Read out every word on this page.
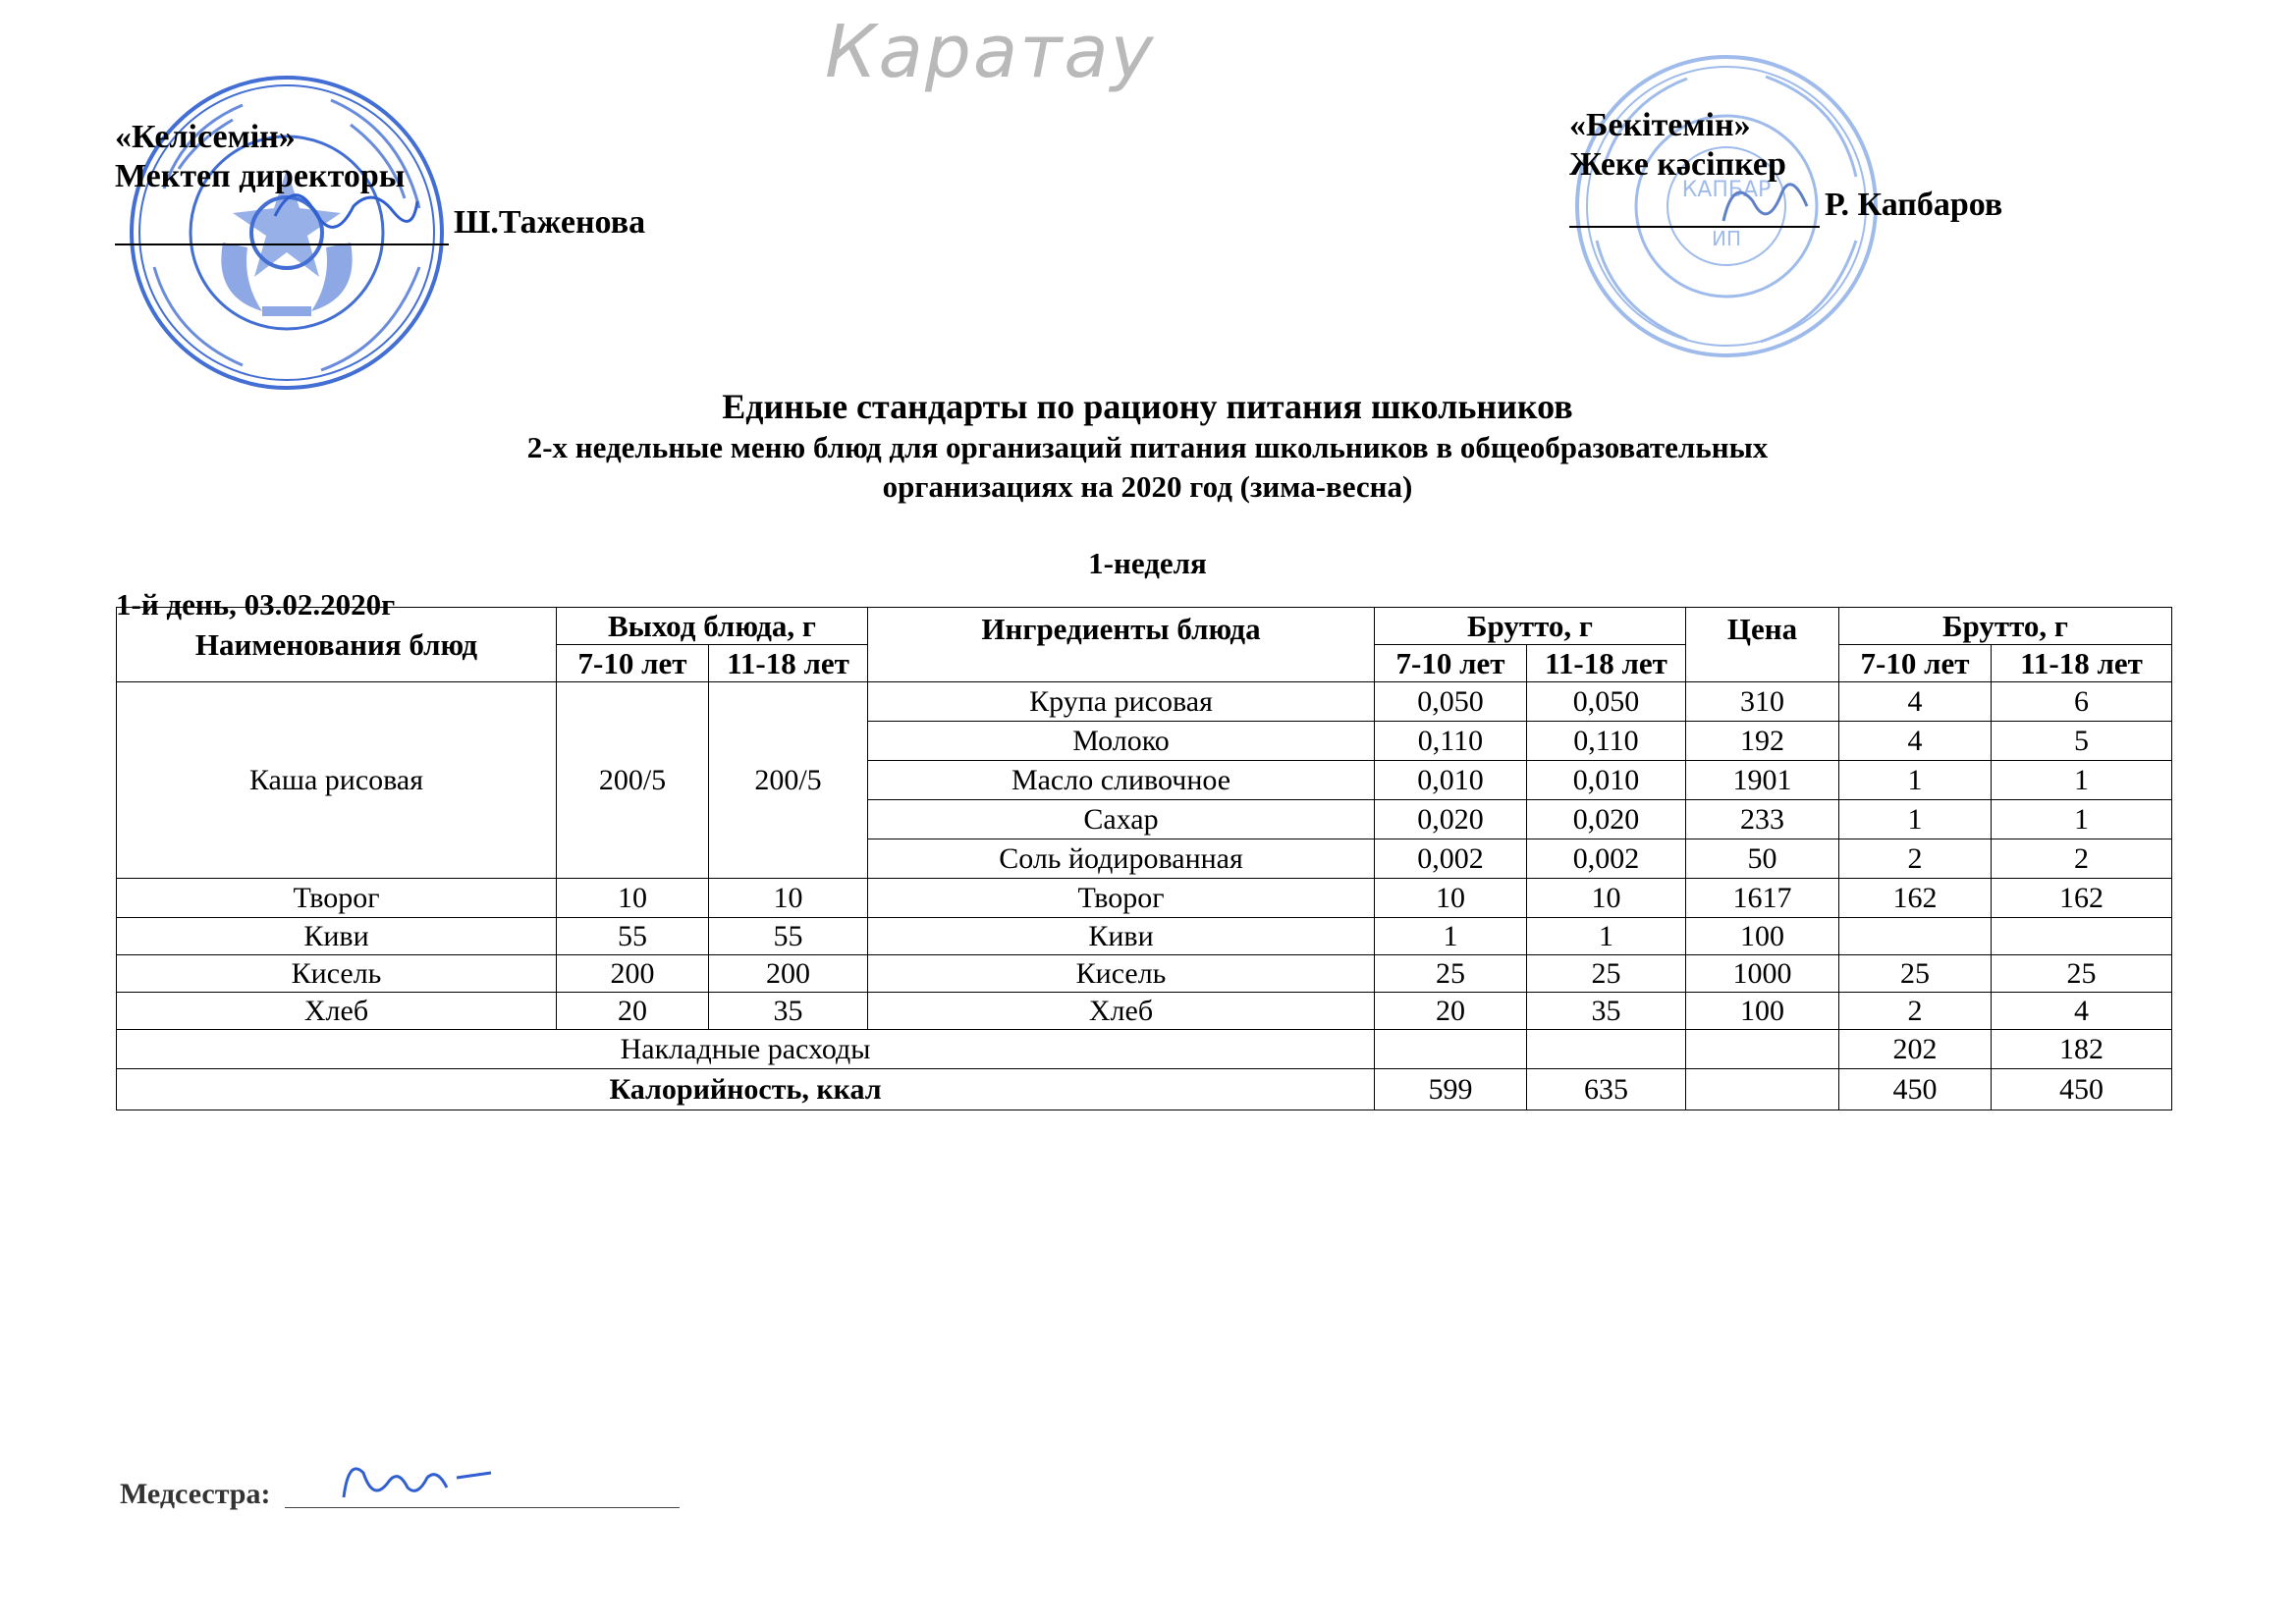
Каратау
КАПБАР
ИП
«Келісемін»
Мектеп директоры
Ш.Таженова
«Бекітемін»
Жеке кәсіпкер
Р. Капбаров
Единые стандарты по рациону питания школьников
2-х недельные меню блюд для организаций питания школьников в общеобразовательных
организациях на 2020 год (зима-весна)
1-неделя
1-й день, 03.02.2020г
Наименования блюд	Выход блюда, г		Ингредиенты блюда	Брутто, г		Цена	Брутто, г	
	7-10 лет	11-18 лет		7-10 лет	11-18 лет		7-10 лет	11-18 лет
Каша рисовая	200/5	200/5	Крупа рисовая	0,050	0,050	310	4	6
			Молоко	0,110	0,110	192	4	5
			Масло сливочное	0,010	0,010	1901	1	1
			Сахар	0,020	0,020	233	1	1
			Соль йодированная	0,002	0,002	50	2	2
Творог	10	10	Творог	10	10	1617	162	162
Киви	55	55	Киви	1	1	100		
Кисель	200	200	Кисель	25	25	1000	25	25
Хлеб	20	35	Хлеб	20	35	100	2	4
Накладные расходы							202	182
Калорийность, ккал				599	635		450	450
Медсестра:
